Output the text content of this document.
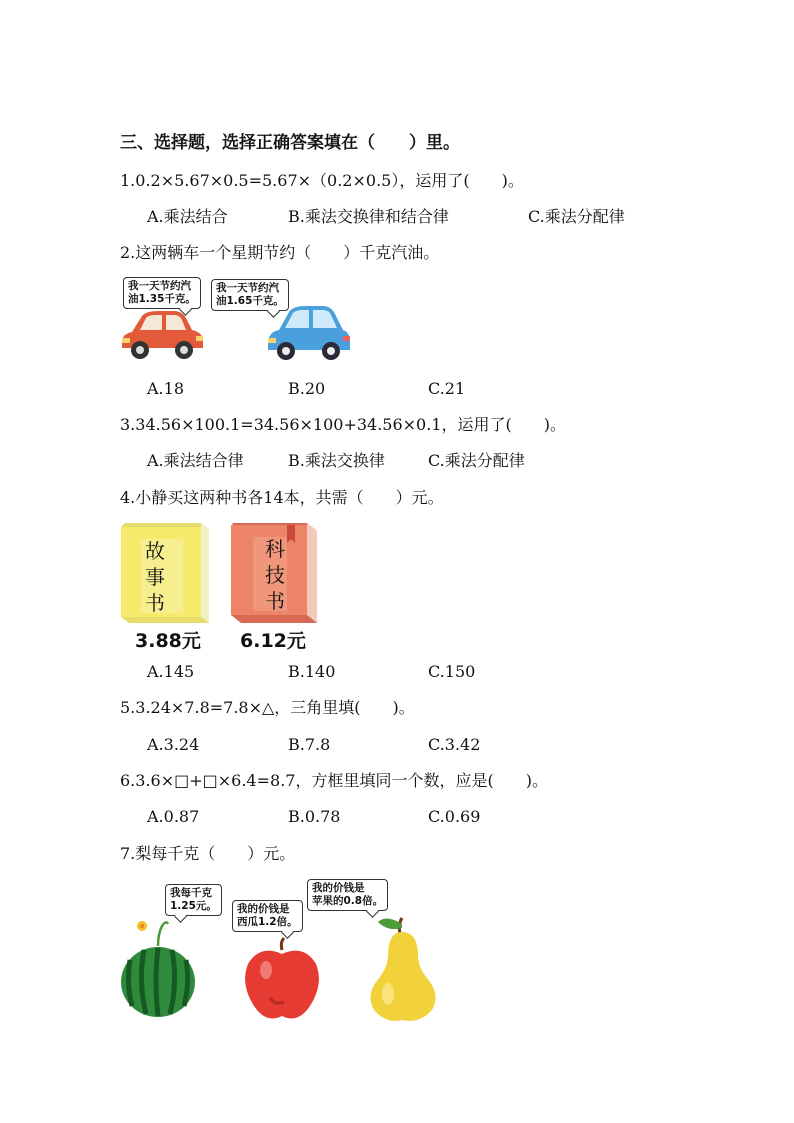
三、选择题，选择正确答案填在（　　）里。
1.0.2×5.67×0.5=5.67×（0.2×0.5），运用了(　　)。
A.乘法结合	B.乘法交换律和结合律	C.乘法分配律
2.这两辆车一个星期节约（　　）千克汽油。
我一天节约汽
油1.35千克。
我一天节约汽
油1.65千克。
A.18	B.20	C.21
3.34.56×100.1=34.56×100+34.56×0.1，运用了(　　)。
A.乘法结合律	B.乘法交换律	C.乘法分配律
4.小静买这两种书各14本，共需（　　）元。
故
事
书
3.88元
科
技
书
6.12元
A.145	B.140	C.150
5.3.24×7.8=7.8×△，三角里填(　　)。
A.3.24	B.7.8	C.3.42
6.3.6×□+□×6.4=8.7，方框里填同一个数，应是(　　)。
A.0.87	B.0.78	C.0.69
7.梨每千克（　　）元。
我每千克
1.25元。	我的价钱是
西瓜1.2倍。
我的价钱是
苹果的0.8倍。
